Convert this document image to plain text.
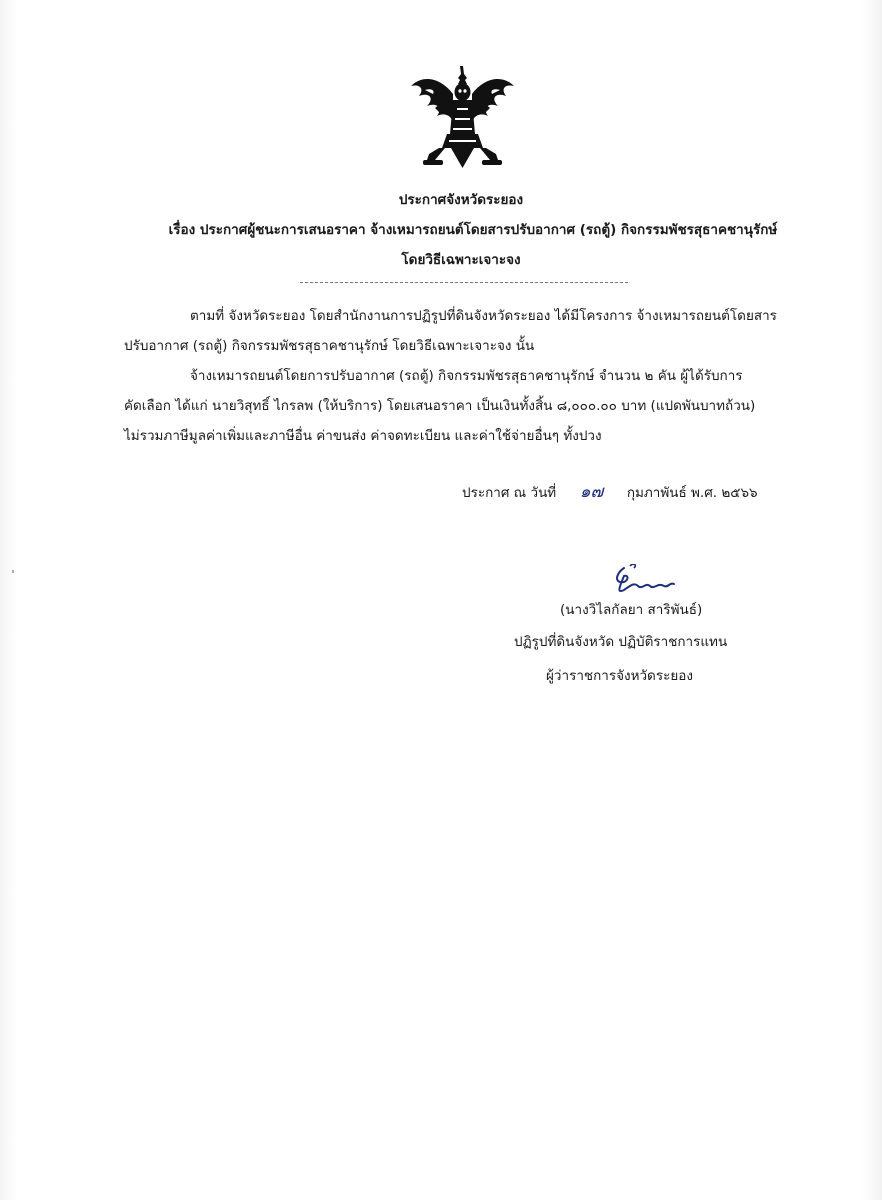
ประกาศจังหวัดระยอง
เรื่อง ประกาศผู้ชนะการเสนอราคา จ้างเหมารถยนต์โดยสารปรับอากาศ (รถตู้) กิจกรรมพัชรสุธาคชานุรักษ์
โดยวิธีเฉพาะเจาะจง
ตามที่ จังหวัดระยอง โดยสำนักงานการปฏิรูปที่ดินจังหวัดระยอง ได้มีโครงการ จ้างเหมารถยนต์โดยสาร
ปรับอากาศ (รถตู้) กิจกรรมพัชรสุธาคชานุรักษ์ โดยวิธีเฉพาะเจาะจง นั้น
จ้างเหมารถยนต์โดยการปรับอากาศ (รถตู้) กิจกรรมพัชรสุธาคชานุรักษ์ จำนวน ๒ คัน ผู้ได้รับการ
คัดเลือก ได้แก่ นายวิสุทธิ์ ไกรลพ (ให้บริการ) โดยเสนอราคา เป็นเงินทั้งสิ้น ๘,๐๐๐.๐๐ บาท (แปดพันบาทถ้วน)
ไม่รวมภาษีมูลค่าเพิ่มและภาษีอื่น ค่าขนส่ง ค่าจดทะเบียน และค่าใช้จ่ายอื่นๆ ทั้งปวง
ประกาศ ณ วันที่ ๑๗ กุมภาพันธ์ พ.ศ. ๒๕๖๖
(นางวิไลกัลยา สาริพันธ์)
ปฏิรูปที่ดินจังหวัด ปฏิบัติราชการแทน
ผู้ว่าราชการจังหวัดระยอง
